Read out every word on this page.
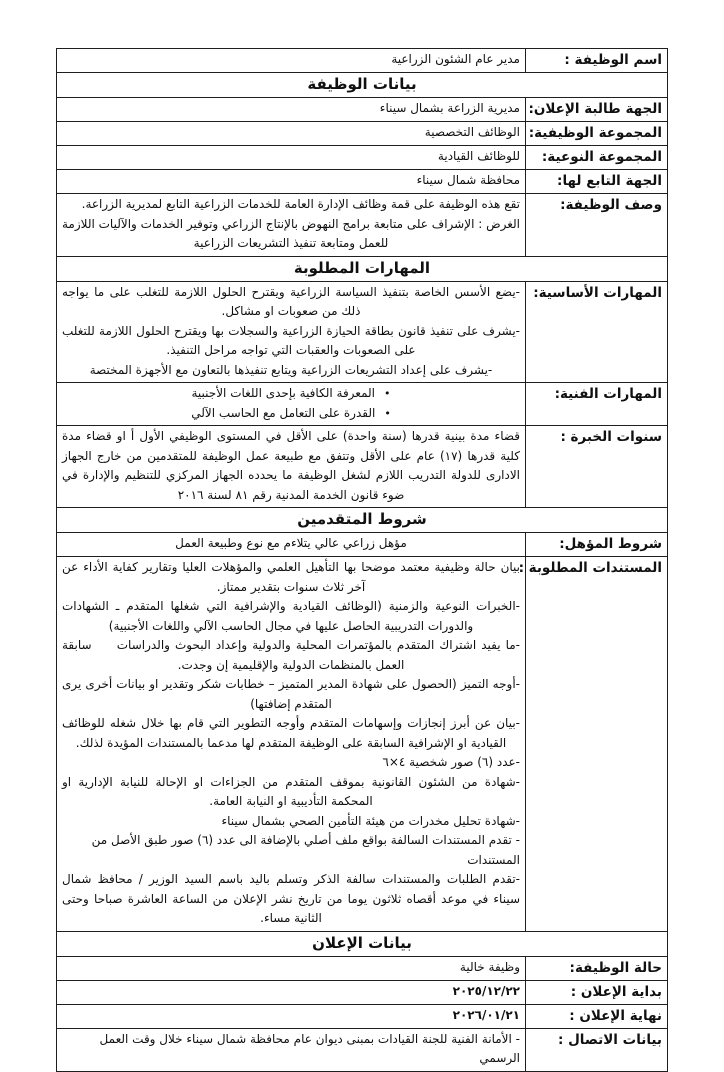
اسم الوظيفة :	مدير عام الشئون الزراعية

بيانات الوظيفة	
الجهة طالبة الإعلان:	مديرية الزراعة بشمال سيناء

المجموعة الوظيفية:	الوظائف التخصصية

المجموعة النوعية:	للوظائف القيادية

الجهة التابع لها:	محافظة شمال سيناء

وصف الوظيفة:	تقع هذه الوظيفة على قمة وظائف الإدارة العامة للخدمات الزراعية التابع لمديرية الزراعة.
الغرض : الإشراف على متابعة برامج النهوض بالإنتاج الزراعي وتوفير الخدمات والآليات اللازمة للعمل ومتابعة تنفيذ التشريعات الزراعية

المهارات المطلوبة	
المهارات الأساسية:	-يضع الأسس الخاصة بتنفيذ السياسة الزراعية ويقترح الحلول اللازمة للتغلب على ما يواجه ذلك من صعوبات او مشاكل.
-يشرف على تنفيذ قانون بطاقة الحيازة الزراعية والسجلات بها ويقترح الحلول اللازمة للتغلب على الصعوبات والعقبات التي تواجه مراحل التنفيذ.
-يشرف على إعداد التشريعات الزراعية ويتابع تنفيذها بالتعاون مع الأجهزة المختصة

المهارات الفنية:	•
المعرفة الكافية بإحدى اللغات الأجنبية
•
القدرة على التعامل مع الحاسب الآلي

سنوات الخبرة :	قضاء مدة بينية قدرها (سنة واحدة) على الأقل في المستوى الوظيفي الأول أ او قضاء مدة كلية قدرها (١٧) عام على الأقل وتتفق مع طبيعة عمل الوظيفة للمتقدمين من خارج الجهاز الادارى للدولة التدريب اللازم لشغل الوظيفة ما يحدده الجهاز المركزي للتنظيم والإدارة في ضوء قانون الخدمة المدنية رقم ٨١ لسنة ٢٠١٦

شروط المتقدمين	
شروط المؤهل:	مؤهل زراعي عالي يتلاءم مع نوع وطبيعة العمل

المستندات المطلوبة :	
بيان حالة وظيفية معتمد موضحا بها التأهيل العلمي والمؤهلات العليا وتقارير كفاية الأداء عن آخر ثلاث سنوات بتقدير ممتاز.
-الخبرات النوعية والزمنية (الوظائف القيادية والإشرافية التي شغلها المتقدم ـ الشهادات والدورات التدريبية الحاصل عليها في مجال الحاسب الآلي واللغات الأجنبية)
-ما يفيد اشتراك المتقدم بالمؤتمرات المحلية والدولية وإعداد البحوث والدراسات     سابقة العمل بالمنظمات الدولية والإقليمية إن وجدت.
-أوجه التميز (الحصول على شهادة المدير المتميز – خطابات شكر وتقدير او بيانات أخرى يرى المتقدم إضافتها)
-بيان عن أبرز إنجازات وإسهامات المتقدم وأوجه التطوير التي قام بها خلال شغله للوظائف القيادية او الإشرافية السابقة على الوظيفة المتقدم لها مدعما بالمستندات المؤيدة لذلك.
-عدد (٦) صور شخصية ٤×٦
-شهادة من الشئون القانونية بموقف المتقدم من الجزاءات او الإحالة للنيابة الإدارية او المحكمة التأديبية او النيابة العامة.
-شهادة تحليل مخدرات من هيئة التأمين الصحي بشمال سيناء
- تقدم المستندات السالفة بواقع ملف أصلي بالإضافة الى عدد (٦) صور طبق الأصل من المستندات
-تقدم الطلبات والمستندات سالفة الذكر وتسلم باليد باسم السيد الوزير / محافظ شمال سيناء في موعد أقصاه ثلاثون يوما من تاريخ نشر الإعلان من الساعة العاشرة صباحا وحتى الثانية مساء.

بيانات الإعلان	
حالة الوظيفة:	وظيفة خالية

بداية الإعلان :	٢٠٢٥/١٢/٢٢

نهاية الإعلان :	٢٠٢٦/٠١/٢١

بيانات الاتصال :	- الأمانة الفنية للجنة القيادات بمبنى ديوان عام محافظة شمال سيناء خلال وقت العمل الرسمي
